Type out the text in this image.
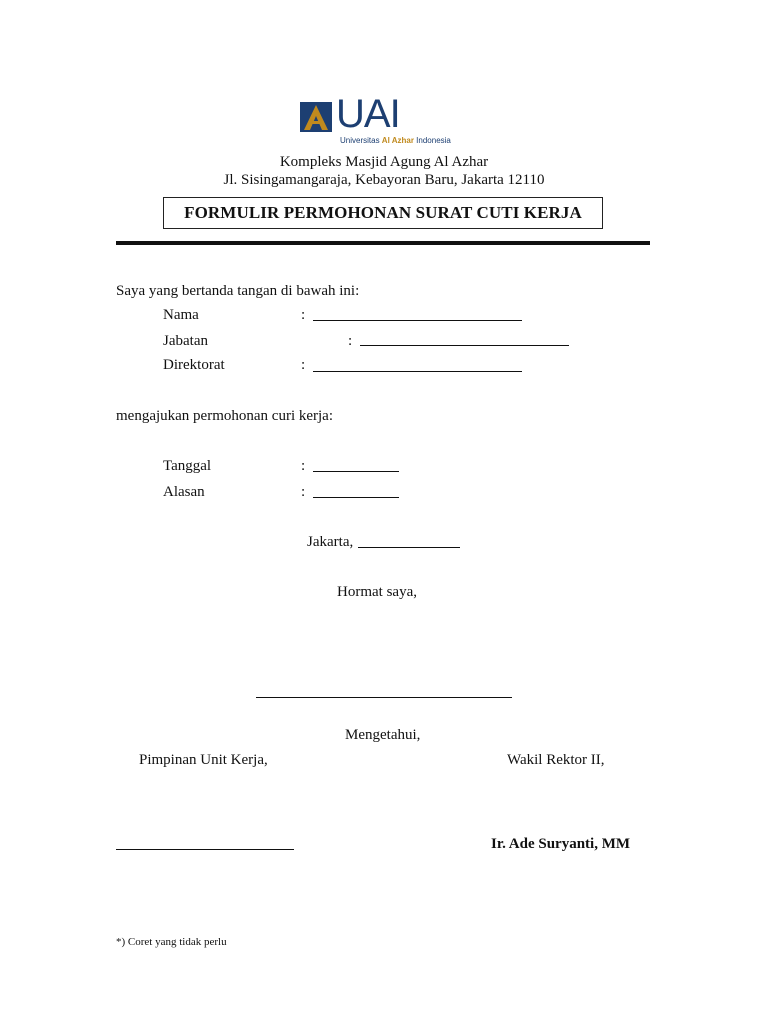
UAI
Universitas Al Azhar Indonesia
Kompleks Masjid Agung Al Azhar
Jl. Sisingamangaraja, Kebayoran Baru, Jakarta 12110
FORMULIR PERMOHONAN SURAT CUTI KERJA
Saya yang bertanda tangan di bawah ini:
Nama	:
Jabatan	:
Direktorat	:
mengajukan permohonan curi kerja:
Tanggal	:
Alasan	:
Jakarta,
Hormat saya,
Mengetahui,
Pimpinan Unit Kerja,	Wakil Rektor II,
Ir. Ade Suryanti, MM
*) Coret yang tidak perlu
